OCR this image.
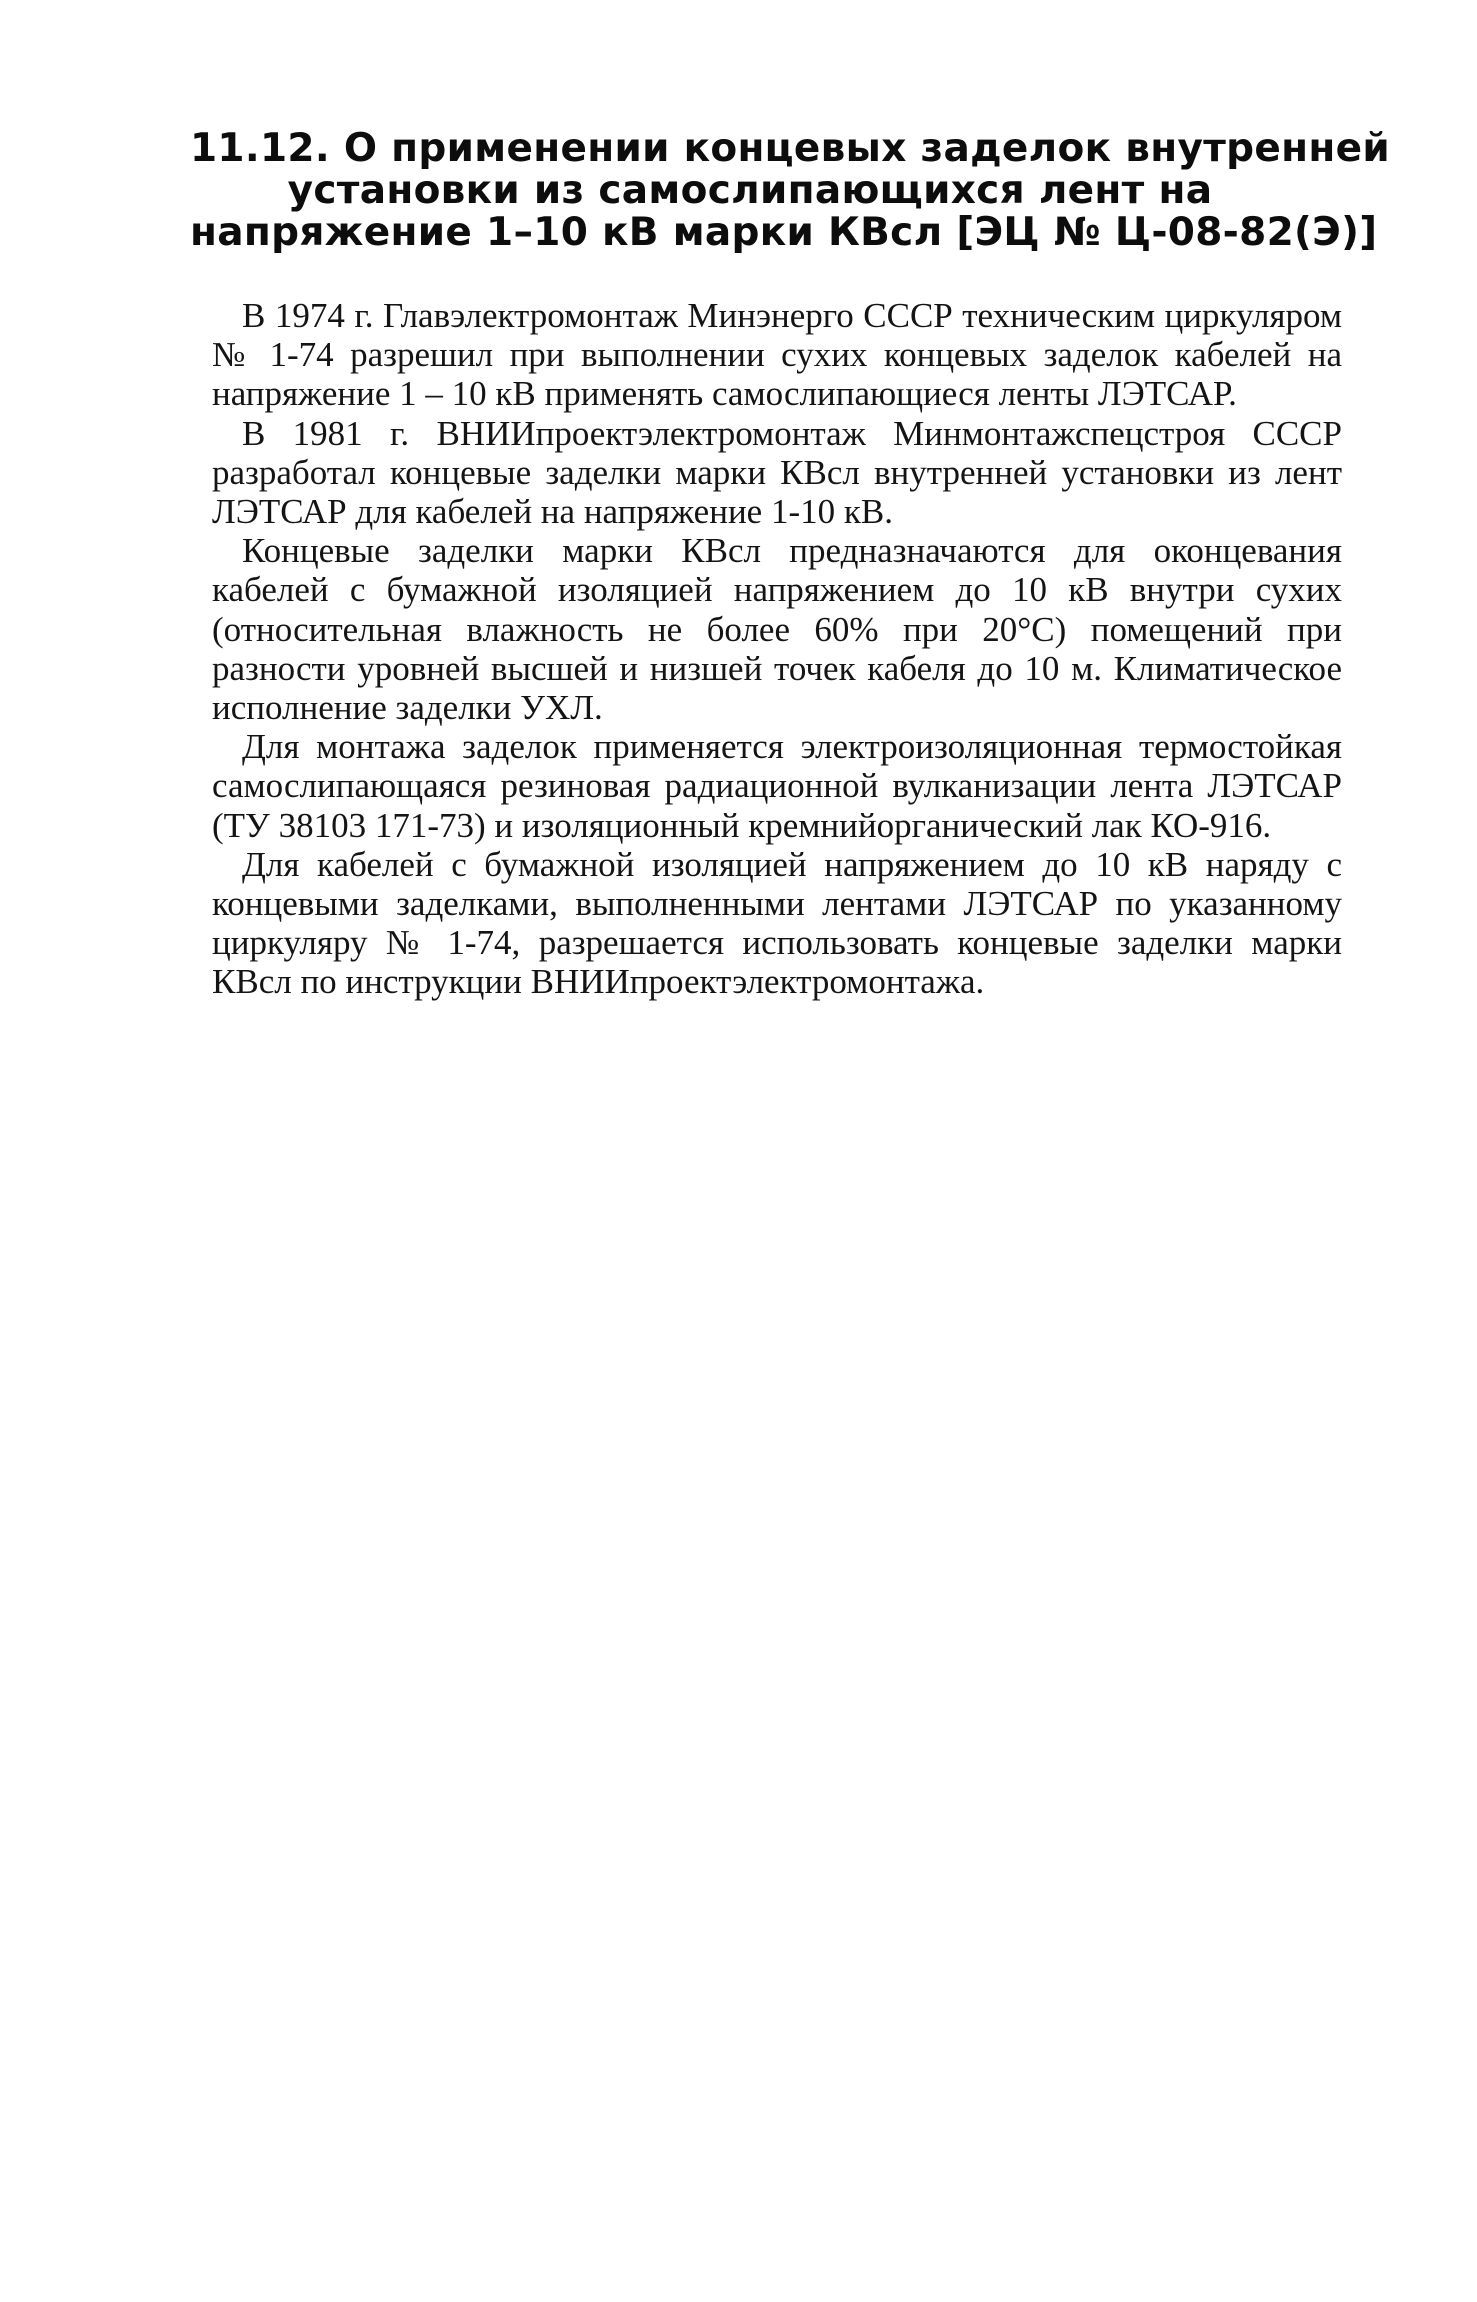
11.12. О применении концевых заделок внутренней
установки из самослипающихся лент на
напряжение 1–10 кВ марки КВсл [ЭЦ № Ц-08-82(Э)]

В 1974 г. Главэлектромонтаж Минэнерго СССР техническим циркуляром № 1-74 разрешил при выполнении сухих концевых заделок кабелей на напряжение 1 – 10 кВ применять самослипающиеся ленты ЛЭТСАР.

В 1981 г. ВНИИпроектэлектромонтаж Минмонтажспецстроя СССР разработал концевые заделки марки КВсл внутренней установки из лент ЛЭТСАР для кабелей на напряжение 1-10 кВ.

Концевые заделки марки КВсл предназначаются для оконцевания кабелей с бумажной изоляцией напряжением до 10 кВ внутри сухих (относительная влажность не более 60% при 20°С) помещений при разности уровней высшей и низшей точек кабеля до 10 м. Климатическое исполнение заделки УХЛ.

Для монтажа заделок применяется электроизоляционная термостойкая самослипающаяся резиновая радиационной вулканизации лента ЛЭТСАР (ТУ 38103 171-73) и изоляционный кремнийорганический лак КО-916.

Для кабелей с бумажной изоляцией напряжением до 10 кВ наряду с концевыми заделками, выполненными лентами ЛЭТСАР по указанному циркуляру № 1-74, разрешается использовать концевые заделки марки КВсл по инструкции ВНИИпроектэлектромонтажа.
